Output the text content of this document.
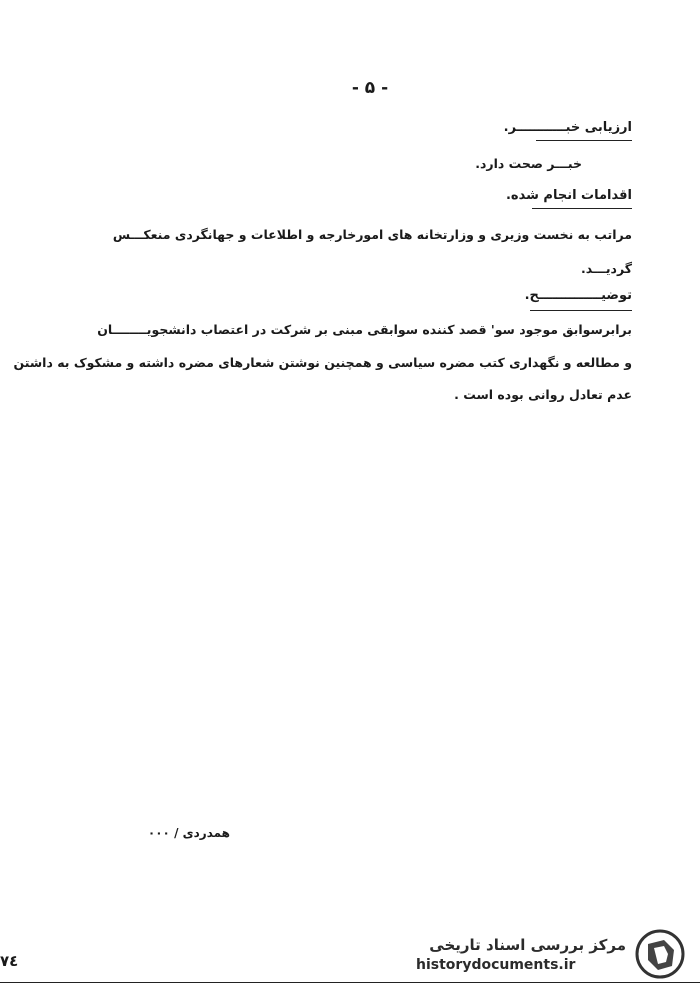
- ۵ -
ارزیابی خبـــــــــــر.
خبـــر صحت دارد.
اقدامات انجام شده.
مراتب به نخست وزیری و وزارتخانه های امورخارجه و اطلاعات و جهانگردی منعکـــس
گردیـــد.
توضیــــــــــــــح.
برابرسوابق موجود سو' قصد کننده سوابقی مبنی بر شرکت در اعتصاب دانشجویــــــــان
و مطالعه و نگهداری کتب مضره سیاسی و همچنین نوشتن شعارهای مضره داشته و مشکوک به داشتن
عدم تعادل روانی بوده است .
همدردی / ۰۰۰
۷٤
مرکز بررسی اسناد تاریخی
historydocuments.ir
